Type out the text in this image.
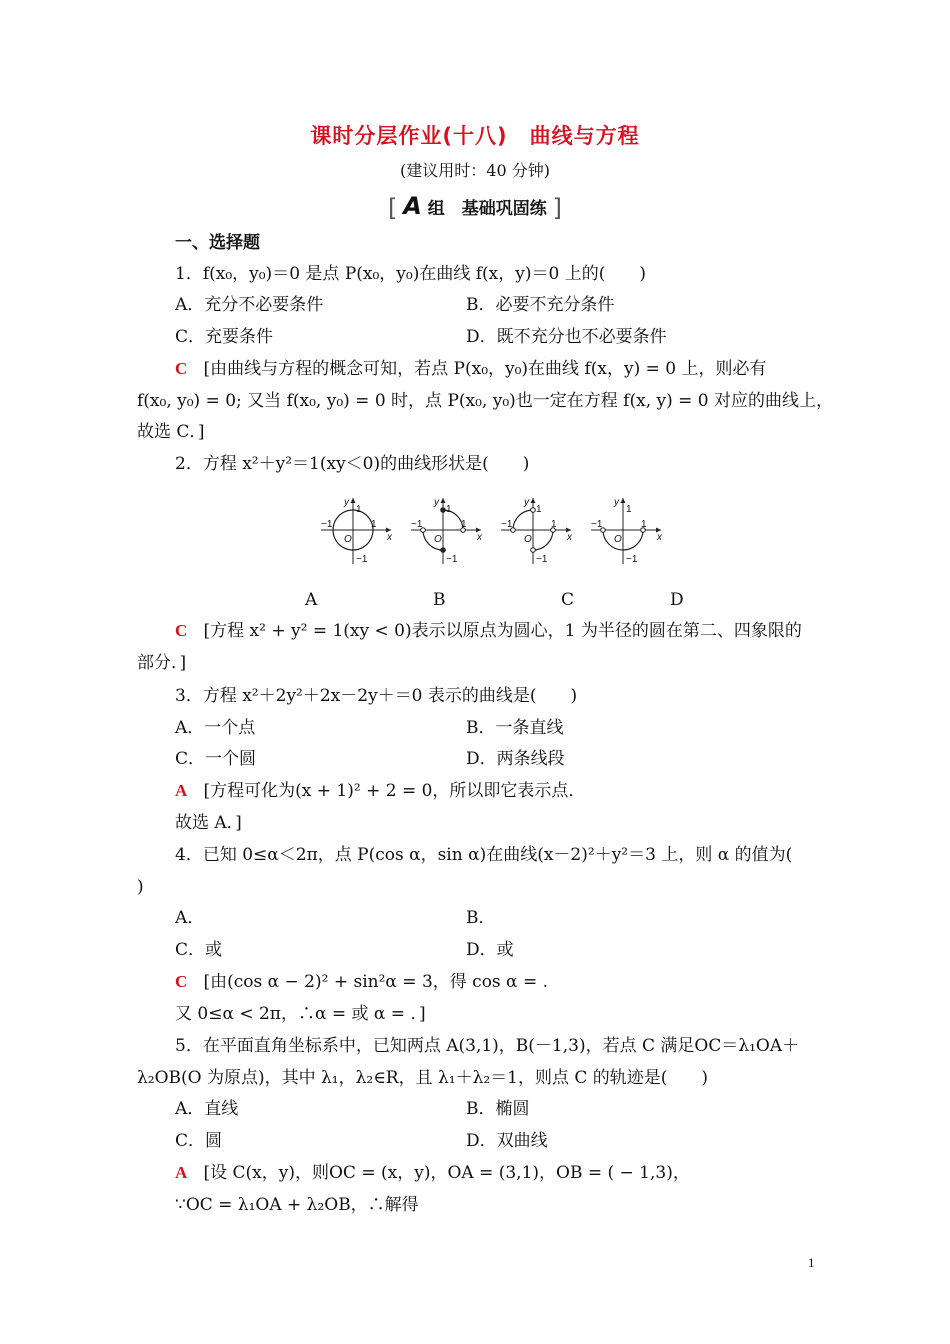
课时分层作业(十八)　曲线与方程
(建议用时：40 分钟)
[ A 组　基础巩固练 ]
一、选择题
1．f(x₀，y₀)＝0 是点 P(x₀，y₀)在曲线 f(x，y)＝0 上的(　　)
A．充分不必要条件	B．必要不充分条件
C．充要条件	D．既不充分也不必要条件
C [由曲线与方程的概念可知，若点 P(x₀，y₀)在曲线 f(x，y) = 0 上，则必有
f(x₀, y₀) = 0; 又当 f(x₀, y₀) = 0 时，点 P(x₀, y₀)也一定在方程 f(x, y) = 0 对应的曲线上，
故选 C．]
2．方程 x²＋y²＝1(xy＜0)的曲线形状是(　　)
x
y
O
1
1
−1
−1
x
y
O
1
1
−1
−1
x
y
O
1
1
−1
−1
x
y
O
1
1
−1
−1
A	B	C	D
C [方程 x² + y² = 1(xy < 0)表示以原点为圆心，1 为半径的圆在第二、四象限的
部分．]
3．方程 x²＋2y²＋2x－2y＋＝0 表示的曲线是(　　)
A．一个点	B．一条直线
C．一个圆	D．两条线段
A [方程可化为(x + 1)² + 2 = 0，所以即它表示点．
故选 A．]
4．已知 0≤α＜2π，点 P(cos α，sin α)在曲线(x－2)²＋y²＝3 上，则 α 的值为(
)
A．	B．
C．或	D．或
C [由(cos α − 2)² + sin²α = 3，得 cos α = .
又 0≤α < 2π，∴α = 或 α = ．]
5．在平面直角坐标系中，已知两点 A(3,1)，B(－1,3)，若点 C 满足OC＝λ₁OA＋
λ₂OB(O 为原点)，其中 λ₁，λ₂∈R，且 λ₁＋λ₂＝1，则点 C 的轨迹是(　　)
A．直线	B．椭圆
C．圆	D．双曲线
A [设 C(x，y)，则OC = (x，y)，OA = (3,1)，OB = ( − 1,3)，
∵OC = λ₁OA + λ₂OB，∴解得
1
